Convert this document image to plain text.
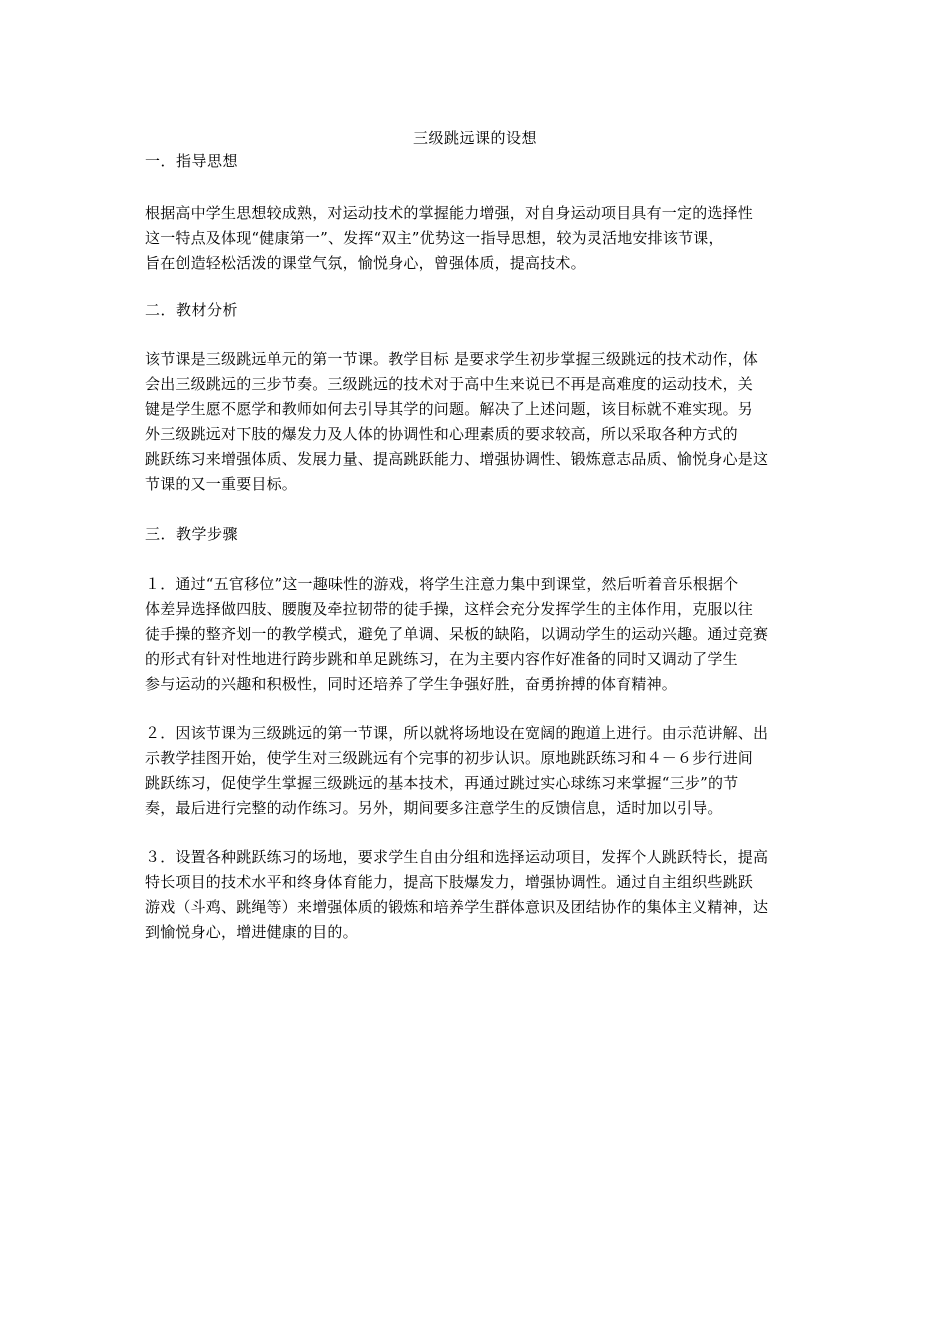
三级跳远课的设想
一．指导思想
根据高中学生思想较成熟，对运动技术的掌握能力增强，对自身运动项目具有一定的选择性
这一特点及体现“健康第一”、发挥“双主”优势这一指导思想，较为灵活地安排该节课，
旨在创造轻松活泼的课堂气氛，愉悦身心，曾强体质，提高技术。
二．教材分析
该节课是三级跳远单元的第一节课。教学目标 是要求学生初步掌握三级跳远的技术动作，体
会出三级跳远的三步节奏。三级跳远的技术对于高中生来说已不再是高难度的运动技术，关
键是学生愿不愿学和教师如何去引导其学的问题。解决了上述问题，该目标就不难实现。另
外三级跳远对下肢的爆发力及人体的协调性和心理素质的要求较高，所以采取各种方式的
跳跃练习来增强体质、发展力量、提高跳跃能力、增强协调性、锻炼意志品质、愉悦身心是这
节课的又一重要目标。
三．教学步骤
１．通过“五官移位”这一趣味性的游戏，将学生注意力集中到课堂，然后听着音乐根据个
体差异选择做四肢、腰腹及牵拉韧带的徒手操，这样会充分发挥学生的主体作用，克服以往
徒手操的整齐划一的教学模式，避免了单调、呆板的缺陷，以调动学生的运动兴趣。通过竞赛
的形式有针对性地进行跨步跳和单足跳练习，在为主要内容作好准备的同时又调动了学生
参与运动的兴趣和积极性，同时还培养了学生争强好胜，奋勇拚搏的体育精神。
２．因该节课为三级跳远的第一节课，所以就将场地设在宽阔的跑道上进行。由示范讲解、出
示教学挂图开始，使学生对三级跳远有个完事的初步认识。原地跳跃练习和４－６步行进间
跳跃练习，促使学生掌握三级跳远的基本技术，再通过跳过实心球练习来掌握“三步”的节
奏，最后进行完整的动作练习。另外，期间要多注意学生的反馈信息，适时加以引导。
３．设置各种跳跃练习的场地，要求学生自由分组和选择运动项目，发挥个人跳跃特长，提高
特长项目的技术水平和终身体育能力，提高下肢爆发力，增强协调性。通过自主组织些跳跃
游戏（斗鸡、跳绳等）来增强体质的锻炼和培养学生群体意识及团结协作的集体主义精神，达
到愉悦身心，增进健康的目的。
